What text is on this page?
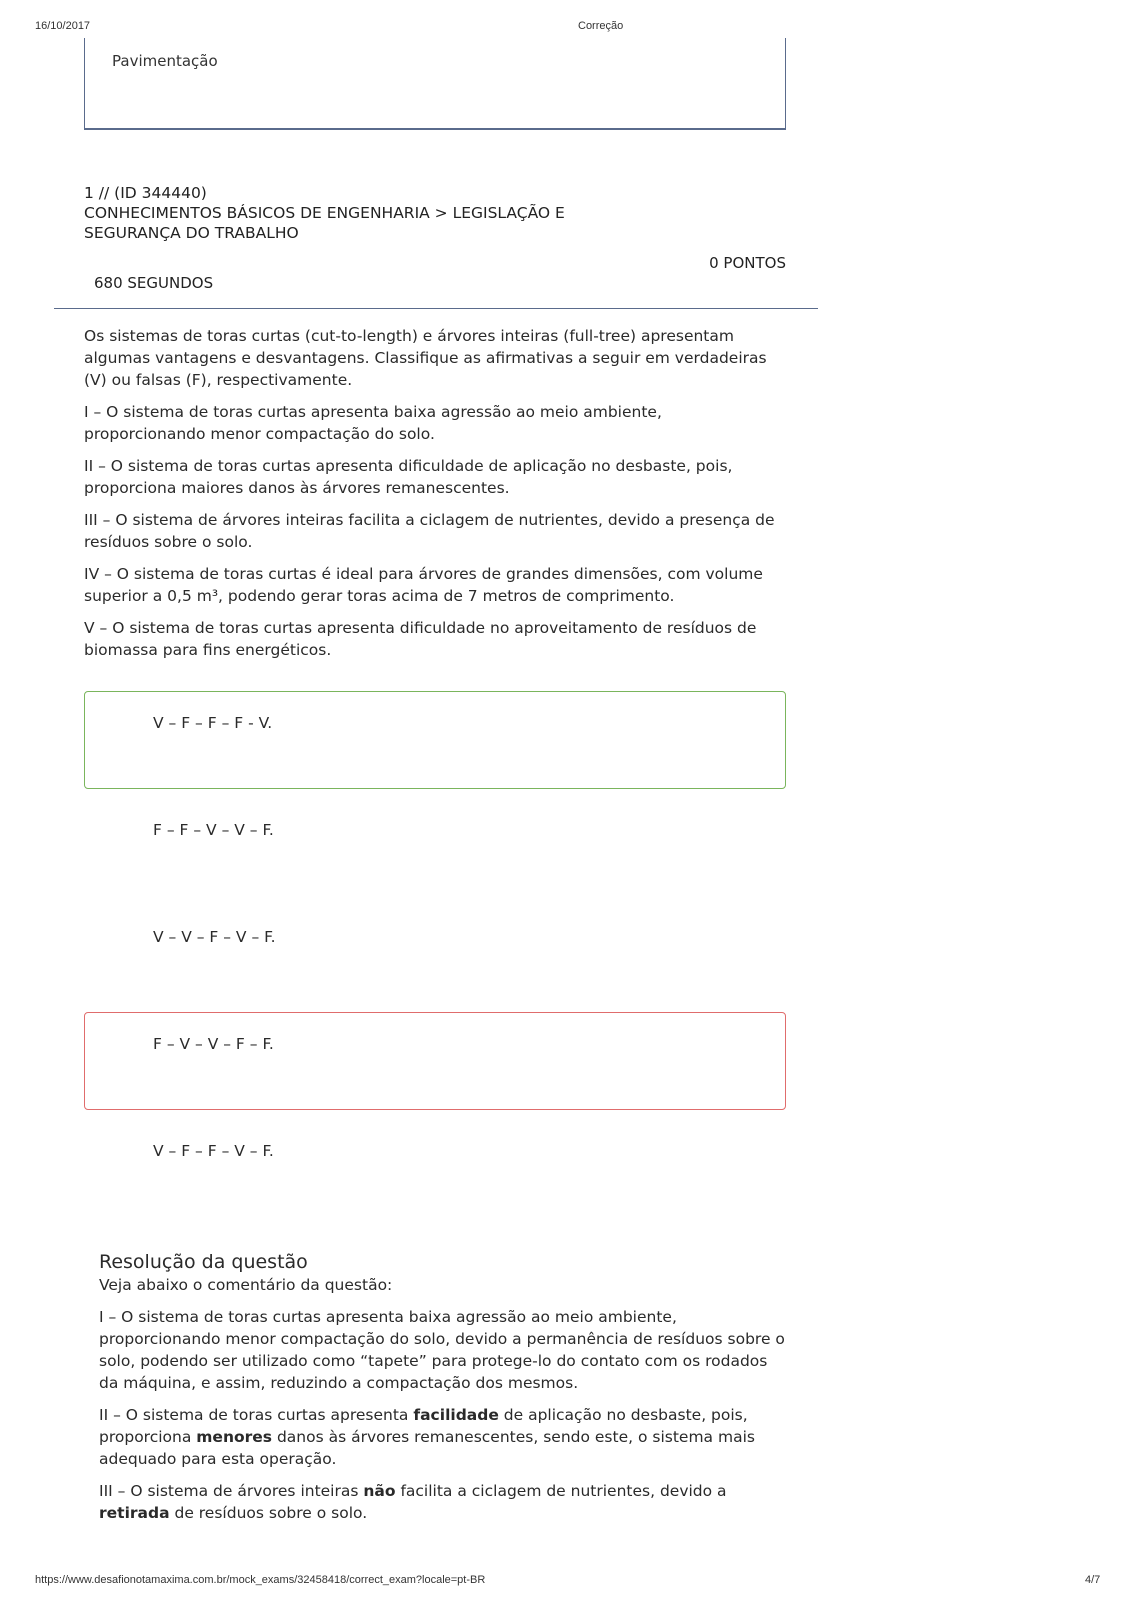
16/10/2017	Correção
Pavimentação
1 // (ID 344440)
CONHECIMENTOS BÁSICOS DE ENGENHARIA > LEGISLAÇÃO E
SEGURANÇA DO TRABALHO
0 PONTOS
680 SEGUNDOS

Os sistemas de toras curtas (cut-to-length) e árvores inteiras (full-tree) apresentam algumas vantagens e desvantagens. Classifique as afirmativas a seguir em verdadeiras (V) ou falsas (F), respectivamente.

I – O sistema de toras curtas apresenta baixa agressão ao meio ambiente, proporcionando menor compactação do solo.

II – O sistema de toras curtas apresenta dificuldade de aplicação no desbaste, pois, proporciona maiores danos às árvores remanescentes.

III – O sistema de árvores inteiras facilita a ciclagem de nutrientes, devido a presença de resíduos sobre o solo.

IV – O sistema de toras curtas é ideal para árvores de grandes dimensões, com volume superior a 0,5 m³, podendo gerar toras acima de 7 metros de comprimento.

V – O sistema de toras curtas apresenta dificuldade no aproveitamento de resíduos de biomassa para fins energéticos.

V – F – F – F - V.
F – F – V – V – F.
V – V – F – V – F.
F – V – V – F – F.
V – F – F – V – F.
Resolução da questão
Veja abaixo o comentário da questão:

I – O sistema de toras curtas apresenta baixa agressão ao meio ambiente, proporcionando menor compactação do solo, devido a permanência de resíduos sobre o solo, podendo ser utilizado como “tapete” para protege-lo do contato com os rodados da máquina, e assim, reduzindo a compactação dos mesmos.

II – O sistema de toras curtas apresenta facilidade de aplicação no desbaste, pois, proporciona menores danos às árvores remanescentes, sendo este, o sistema mais adequado para esta operação.

III – O sistema de árvores inteiras não facilita a ciclagem de nutrientes, devido a retirada de resíduos sobre o solo.

https://www.desafionotamaxima.com.br/mock_exams/32458418/correct_exam?locale=pt-BR	4/7
